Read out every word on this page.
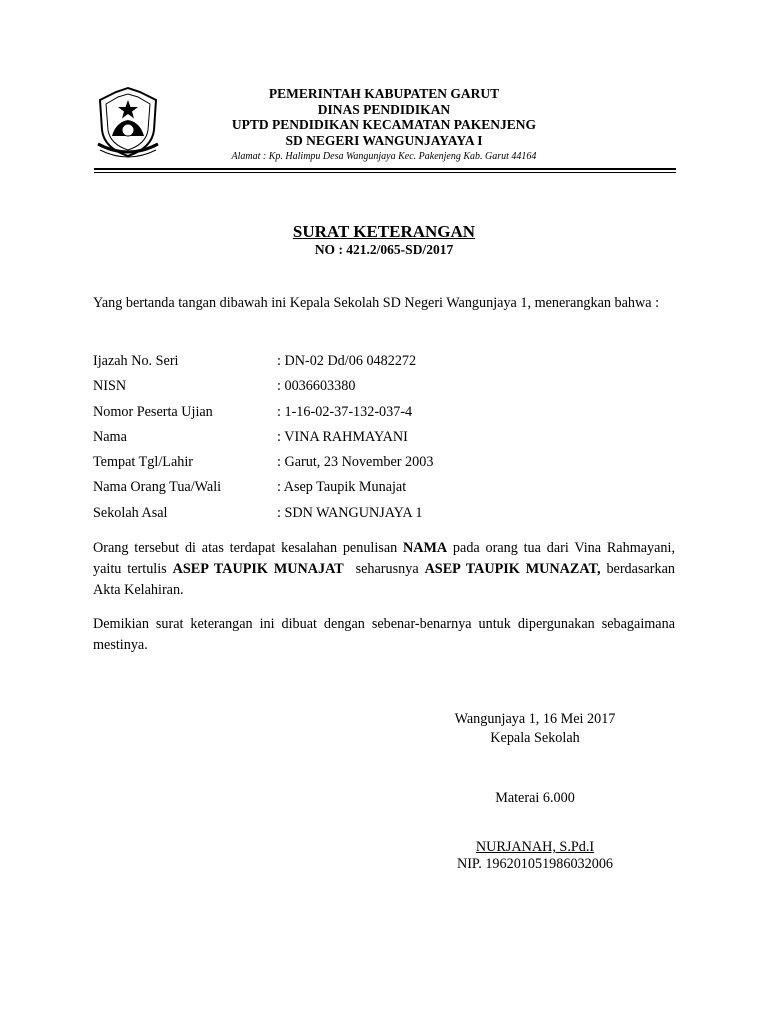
PEMERINTAH KABUPATEN GARUT
DINAS PENDIDIKAN
UPTD PENDIDIKAN KECAMATAN PAKENJENG
SD NEGERI WANGUNJAYAYA I
Alamat : Kp. Halimpu Desa Wangunjaya Kec. Pakenjeng Kab. Garut 44164
SURAT KETERANGAN
NO : 421.2/065-SD/2017
Yang bertanda tangan dibawah ini Kepala Sekolah SD Negeri Wangunjaya 1, menerangkan bahwa :
Ijazah No. Seri	: DN-02 Dd/06 0482272
NISN	: 0036603380
Nomor Peserta Ujian	: 1-16-02-37-132-037-4
Nama	: VINA RAHMAYANI
Tempat Tgl/Lahir	: Garut, 23 November 2003
Nama Orang Tua/Wali	: Asep Taupik Munajat
Sekolah Asal	: SDN WANGUNJAYA 1
Orang tersebut di atas terdapat kesalahan penulisan NAMA pada orang tua dari Vina Rahmayani, yaitu tertulis ASEP TAUPIK MUNAJAT  seharusnya ASEP TAUPIK MUNAZAT, berdasarkan Akta Kelahiran.
Demikian surat keterangan ini dibuat dengan sebenar-benarnya untuk dipergunakan sebagaimana mestinya.
Wangunjaya 1, 16 Mei 2017
Kepala Sekolah
Materai 6.000
NURJANAH, S.Pd.I
NIP. 196201051986032006
